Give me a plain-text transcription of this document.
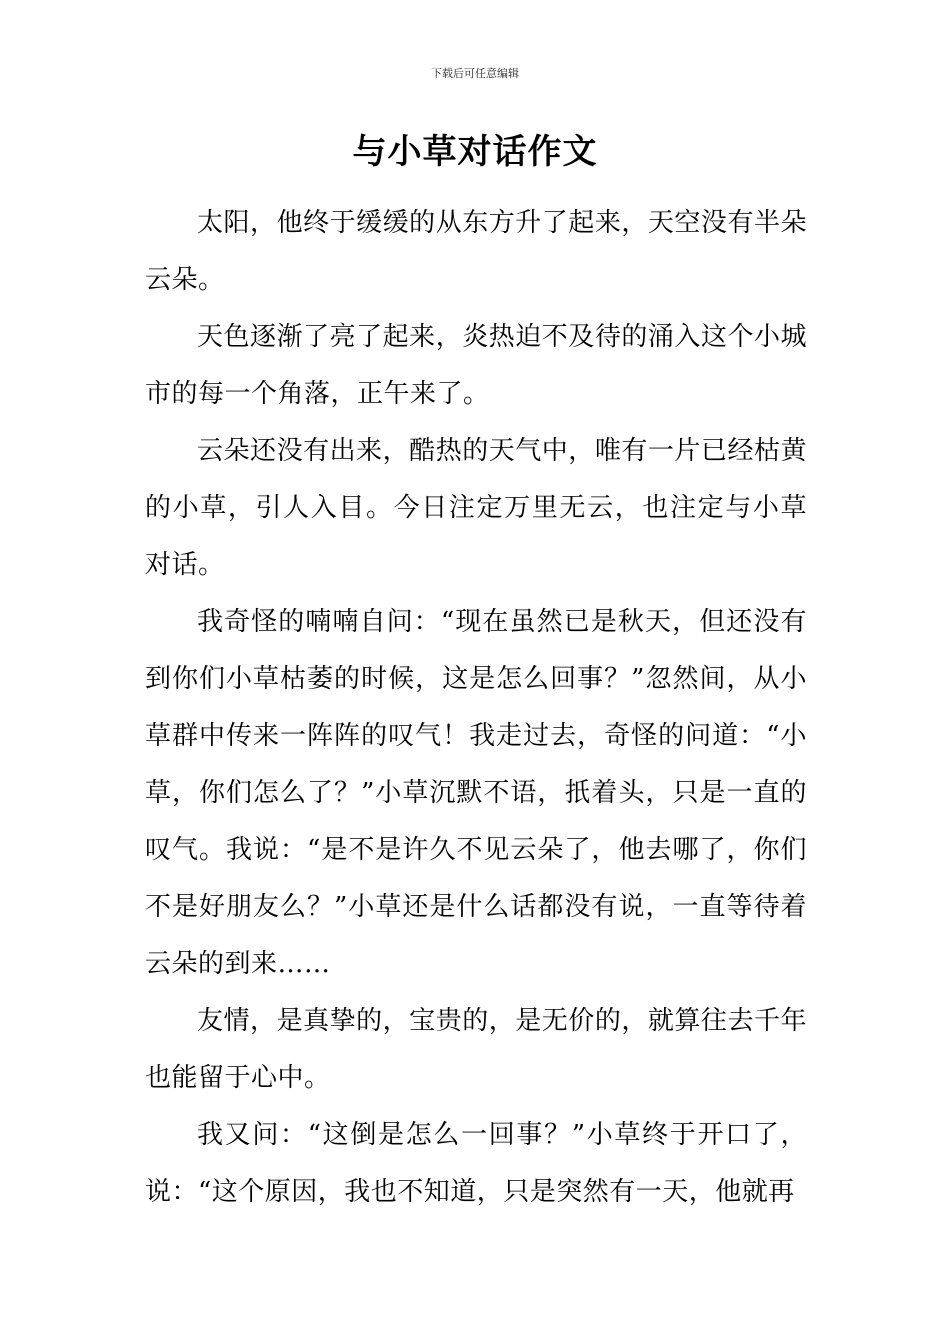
下载后可任意编辑
与小草对话作文

太阳，他终于缓缓的从东方升了起来，天空没有半朵云朵。

天色逐渐了亮了起来，炎热迫不及待的涌入这个小城市的每一个角落，正午来了。

云朵还没有出来，酷热的天气中，唯有一片已经枯黄的小草，引人入目。今日注定万里无云，也注定与小草对话。

我奇怪的喃喃自问：“现在虽然已是秋天，但还没有到你们小草枯萎的时候，这是怎么回事？”忽然间，从小草群中传来一阵阵的叹气！我走过去，奇怪的问道：“小草，你们怎么了？”小草沉默不语，扺着头，只是一直的叹气。我说：“是不是许久不见云朵了，他去哪了，你们不是好朋友么？”小草还是什么话都没有说，一直等待着云朵的到来……

友情，是真挚的，宝贵的，是无价的，就算往去千年也能留于心中。

我又问：“这倒是怎么一回事？”小草终于开口了，说：“这个原因，我也不知道，只是突然有一天，他就再
